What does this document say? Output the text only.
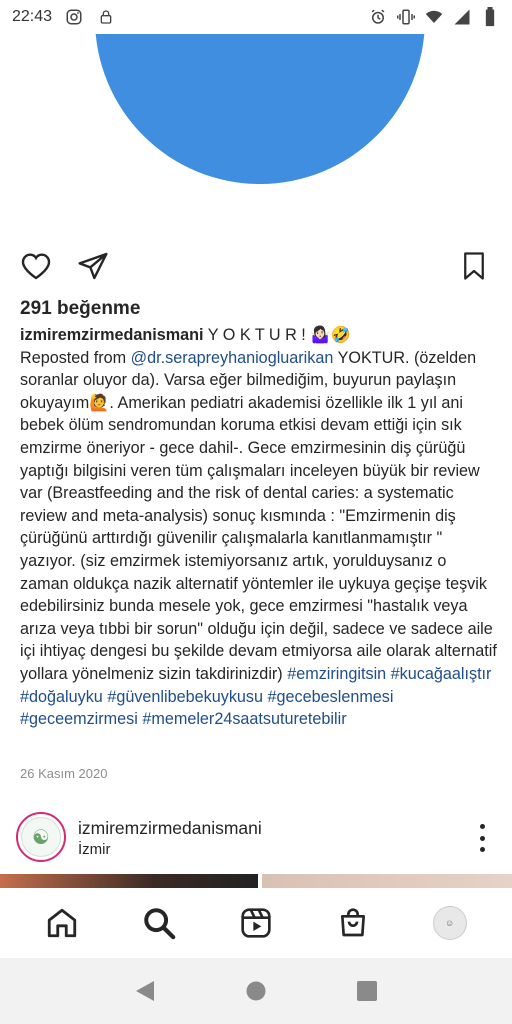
22:43
291 beğenme
izmiremzirmedanismani Y O K T U R ! 🤷🏻‍♀️🤣
Reposted from @dr.serapreyhaniogluarikan YOKTUR. (özelden soranlar oluyor da). Varsa eğer bilmediğim, buyurun paylaşın okuyayım🙋. Amerikan pediatri akademisi özellikle ilk 1 yıl ani bebek ölüm sendromundan koruma etkisi devam ettiği için sık emzirme öneriyor - gece dahil-. Gece emzirmesinin diş çürüğü yaptığı bilgisini veren tüm çalışmaları inceleyen büyük bir review var (Breastfeeding and the risk of dental caries: a systematic review and meta-analysis) sonuç kısmında : "Emzirmenin diş çürüğünü arttırdığı güvenilir çalışmalarla kanıtlanmamıştır " yazıyor. (siz emzirmek istemiyorsanız artık, yorulduysanız o zaman oldukça nazik alternatif yöntemler ile uykuya geçişe teşvik edebilirsiniz bunda mesele yok, gece emzirmesi "hastalık veya arıza veya tıbbi bir sorun" olduğu için değil, sadece ve sadece aile içi ihtiyaç dengesi bu şekilde devam etmiyorsa aile olarak alternatif yollara yönelmeniz sizin takdirinizdir) #emziringitsin #kucağaalıştır #doğaluyku #güvenlibebekuykusu #gecebeslenmesi #geceemzirmesi #memeler24saatsuturetebilir
26 Kasım 2020
☯	izmiremzirmedanismani
İzmir
☺
